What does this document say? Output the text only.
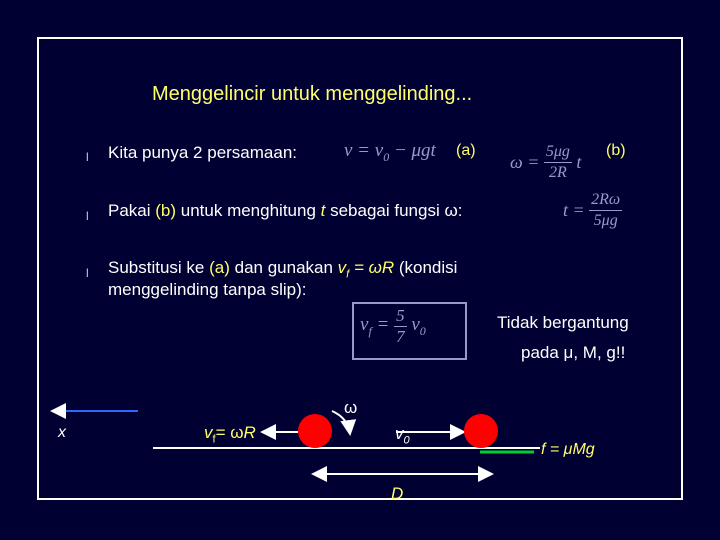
Menggelincir untuk menggelinding...
l Kita punya 2 persamaan: $v = v_0 - \mu gt$ (a)
$\omega = \frac{5\mu g}{2R}$ t
(b)
l Pakai (b) untuk menghitung t sebagai fungsi ω:	$t = \frac{2R\omega}{5\mu g}$
l Substitusi ke (a) dan gunakan $v_f = \omega R$ (kondisi
menggelinding tanpa slip):
$v_f = \frac{5}{7} v_0$	Tidak bergantung
pada μ, M, g!!
x	$v_f= \omega R$
ω
$v_0$
f = μMg
D
